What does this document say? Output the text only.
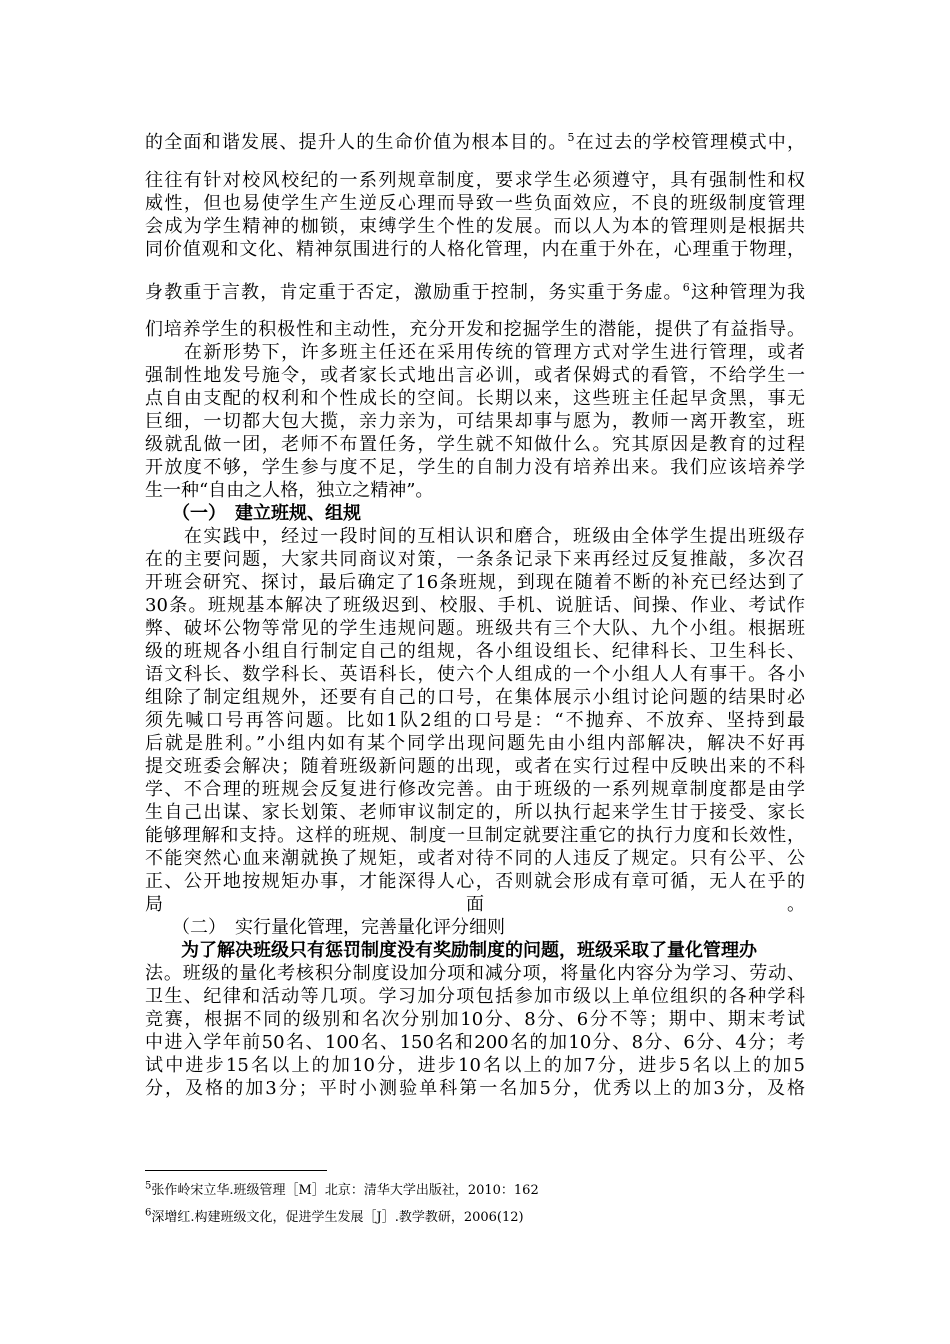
的全面和谐发展、提升人的生命价值为根本目的。$^5$在过去的学校管理模式中，
往往有针对校风校纪的一系列规章制度，要求学生必须遵守，具有强制性和权
威性，但也易使学生产生逆反心理而导致一些负面效应，不良的班级制度管理
会成为学生精神的枷锁，束缚学生个性的发展。而以人为本的管理则是根据共
同价值观和文化、精神氛围进行的人格化管理，内在重于外在，心理重于物理，
身教重于言教，肯定重于否定，激励重于控制，务实重于务虚。$^6$这种管理为我
们培养学生的积极性和主动性，充分开发和挖掘学生的潜能，提供了有益指导。
　　在新形势下，许多班主任还在采用传统的管理方式对学生进行管理，或者
强制性地发号施令，或者家长式地出言必训，或者保姆式的看管，不给学生一
点自由支配的权利和个性成长的空间。长期以来，这些班主任起早贪黑，事无
巨细，一切都大包大揽，亲力亲为，可结果却事与愿为，教师一离开教室，班
级就乱做一团，老师不布置任务，学生就不知做什么。究其原因是教育的过程
开放度不够，学生参与度不足，学生的自制力没有培养出来。我们应该培养学
生一种“自由之人格，独立之精神”。
　　（一）　建立班规、组规
　　在实践中，经过一段时间的互相认识和磨合，班级由全体学生提出班级存
在的主要问题，大家共同商议对策，一条条记录下来再经过反复推敲，多次召
开班会研究、探讨，最后确定了16条班规，到现在随着不断的补充已经达到了
30条。班规基本解决了班级迟到、校服、手机、说脏话、间操、作业、考试作
弊、破坏公物等常见的学生违规问题。班级共有三个大队、九个小组。根据班
级的班规各小组自行制定自己的组规，各小组设组长、纪律科长、卫生科长、
语文科长、数学科长、英语科长，使六个人组成的一个小组人人有事干。各小
组除了制定组规外，还要有自己的口号，在集体展示小组讨论问题的结果时必
须先喊口号再答问题。比如1队2组的口号是：“不抛弃、不放弃、坚持到最
后就是胜利。”小组内如有某个同学出现问题先由小组内部解决，解决不好再
提交班委会解决；随着班级新问题的出现，或者在实行过程中反映出来的不科
学、不合理的班规会反复进行修改完善。由于班级的一系列规章制度都是由学
生自己出谋、家长划策、老师审议制定的，所以执行起来学生甘于接受、家长
能够理解和支持。这样的班规、制度一旦制定就要注重它的执行力度和长效性，
不能突然心血来潮就换了规矩，或者对待不同的人违反了规定。只有公平、公
正、公开地按规矩办事，才能深得人心，否则就会形成有章可循，无人在乎的
局面。
　　（二）　实行量化管理，完善量化评分细则
　　为了解决班级只有惩罚制度没有奖励制度的问题，班级采取了量化管理办
法。班级的量化考核积分制度设加分项和减分项，将量化内容分为学习、劳动、
卫生、纪律和活动等几项。学习加分项包括参加市级以上单位组织的各种学科
竞赛，根据不同的级别和名次分别加10分、8分、6分不等；期中、期末考试
中进入学年前50名、100名、150名和200名的加10分、8分、6分、4分；考
试中进步15名以上的加10分，进步10名以上的加7分，进步5名以上的加5
分，及格的加3分；平时小测验单科第一名加5分，优秀以上的加3分，及格
$^5$张作岭宋立华.班级管理［M］北京：清华大学出版社，2010：162
$^6$深增红.构建班级文化，促进学生发展［J］.教学教研，2006(12)
